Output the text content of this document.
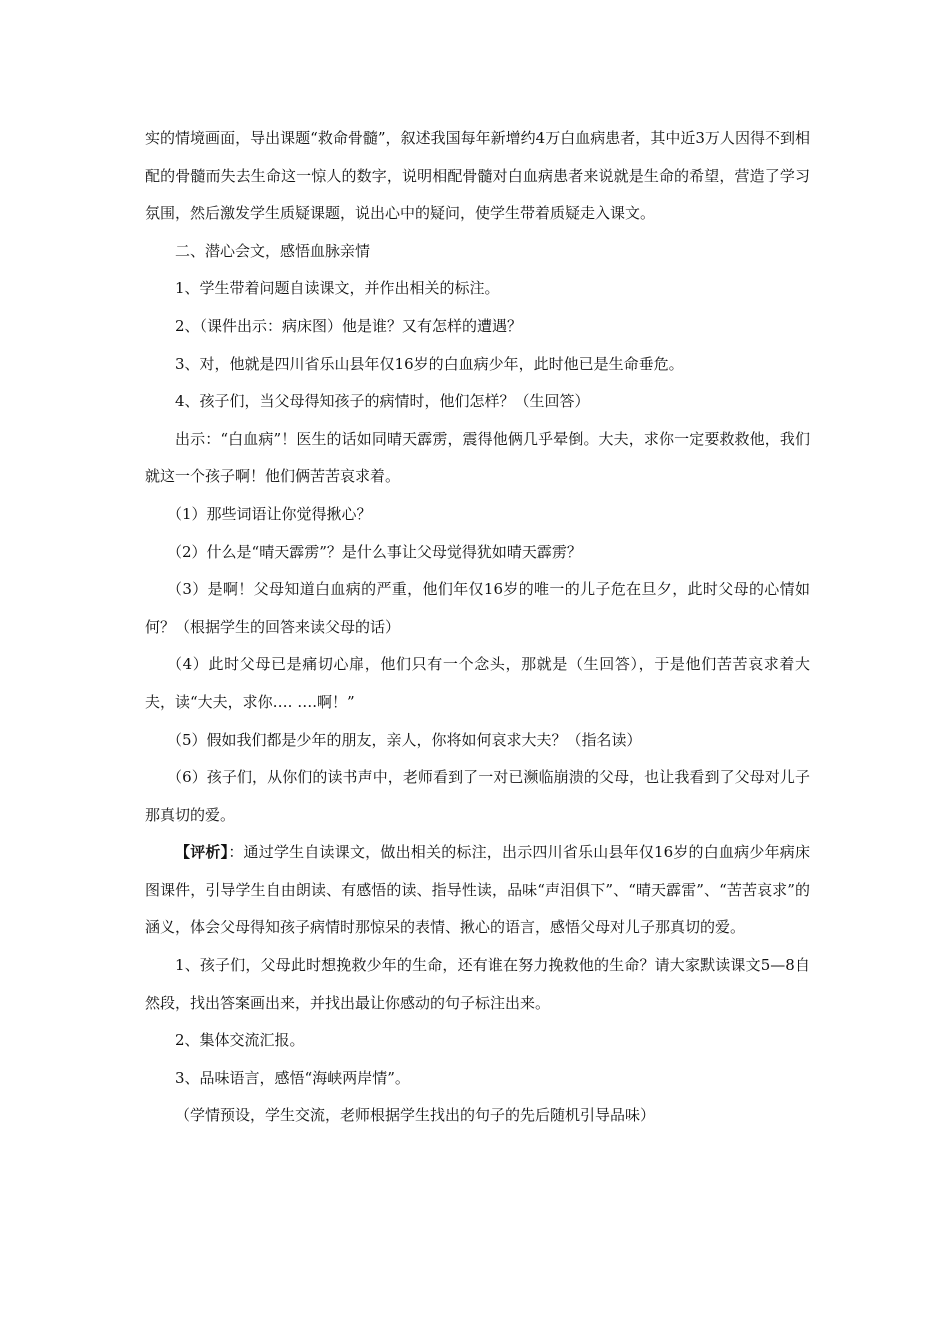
实的情境画面，导出课题“救命骨髓”，叙述我国每年新增约4万白血病患者，其中近3万人因得不到相配的骨髓而失去生命这一惊人的数字，说明相配骨髓对白血病患者来说就是生命的希望，营造了学习氛围，然后激发学生质疑课题，说出心中的疑问，使学生带着质疑走入课文。

二、潜心会文，感悟血脉亲情

1、学生带着问题自读课文，并作出相关的标注。

2、（课件出示：病床图）他是谁？又有怎样的遭遇？

3、对，他就是四川省乐山县年仅16岁的白血病少年，此时他已是生命垂危。

4、孩子们，当父母得知孩子的病情时，他们怎样？（生回答）

出示：“白血病”！医生的话如同晴天霹雳，震得他俩几乎晕倒。大夫，求你一定要救救他，我们就这一个孩子啊！他们俩苦苦哀求着。

（1）那些词语让你觉得揪心？

（2）什么是“晴天霹雳”？是什么事让父母觉得犹如晴天霹雳？

（3）是啊！父母知道白血病的严重，他们年仅16岁的唯一的儿子危在旦夕，此时父母的心情如何？（根据学生的回答来读父母的话）

（4）此时父母已是痛切心扉，他们只有一个念头，那就是（生回答），于是他们苦苦哀求着大夫，读“大夫，求你…. ….啊！”

（5）假如我们都是少年的朋友，亲人，你将如何哀求大夫？（指名读）

（6）孩子们，从你们的读书声中，老师看到了一对已濒临崩溃的父母，也让我看到了父母对儿子那真切的爱。

【评析】：通过学生自读课文，做出相关的标注，出示四川省乐山县年仅16岁的白血病少年病床图课件，引导学生自由朗读、有感悟的读、指导性读，品味“声泪俱下”、“晴天霹雷”、“苦苦哀求”的涵义，体会父母得知孩子病情时那惊呆的表情、揪心的语言，感悟父母对儿子那真切的爱。

1、孩子们，父母此时想挽救少年的生命，还有谁在努力挽救他的生命？请大家默读课文5—8自然段，找出答案画出来，并找出最让你感动的句子标注出来。

2、集体交流汇报。

3、品味语言，感悟“海峡两岸情”。

（学情预设，学生交流，老师根据学生找出的句子的先后随机引导品味）
